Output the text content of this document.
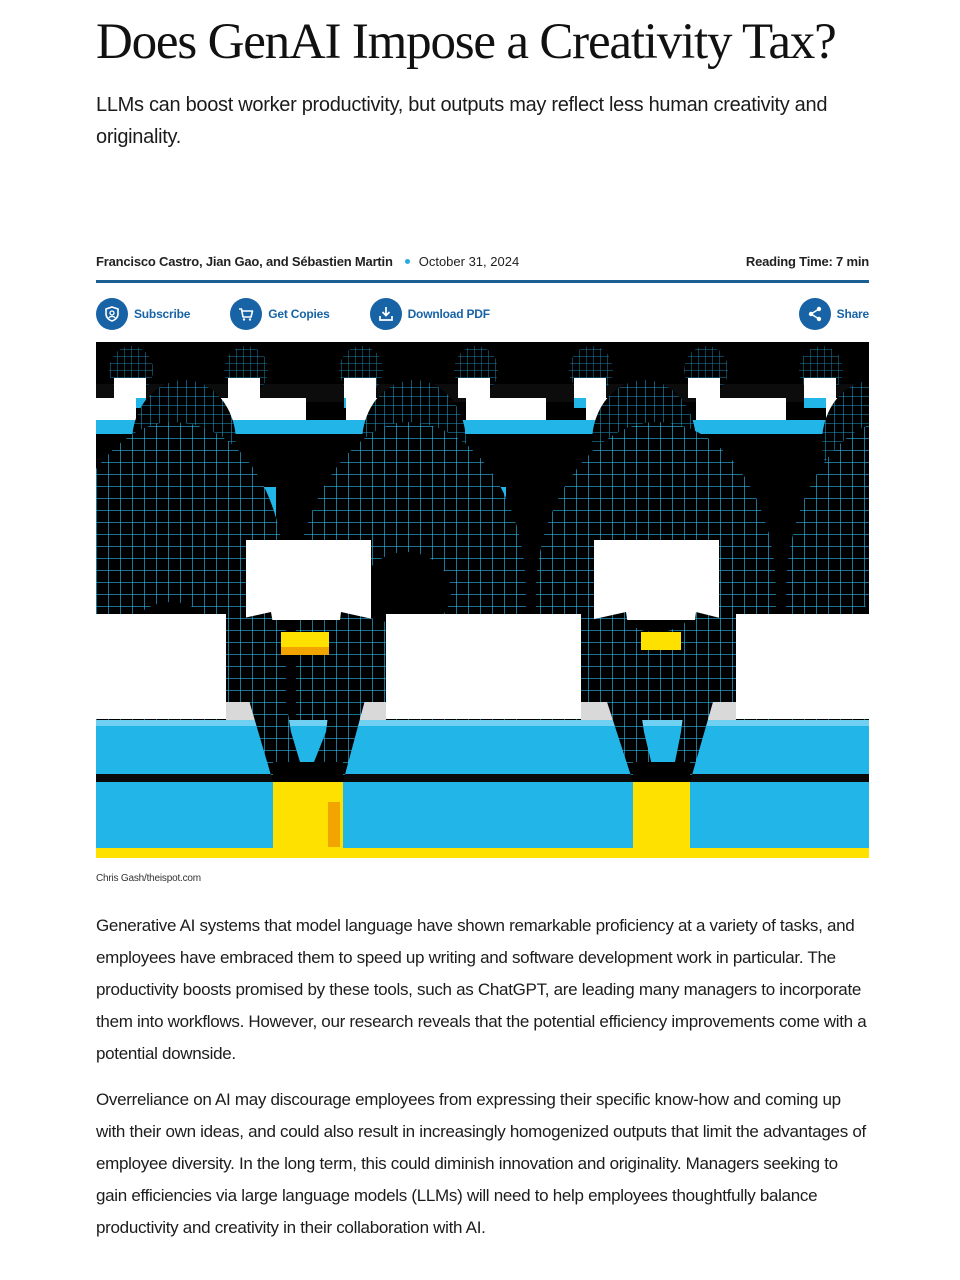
Does GenAI Impose a Creativity Tax?

LLMs can boost worker productivity, but outputs may reflect less human creativity and originality.

Francisco Castro, Jian Gao, and Sébastien Martin October 31, 2024	Reading Time: 7 min
Subscribe	Get Copies	Download PDF	Share
Chris Gash/theispot.com

Generative AI systems that model language have shown remarkable proficiency at a variety of tasks, and employees have embraced them to speed up writing and software development work in particular. The productivity boosts promised by these tools, such as ChatGPT, are leading many managers to incorporate them into workflows. However, our research reveals that the potential efficiency improvements come with a potential downside.

Overreliance on AI may discourage employees from expressing their specific know-how and coming up with their own ideas, and could also result in increasingly homogenized outputs that limit the advantages of employee diversity. In the long term, this could diminish innovation and originality. Managers seeking to gain efficiencies via large language models (LLMs) will need to help employees thoughtfully balance productivity and creativity in their collaboration with AI.
